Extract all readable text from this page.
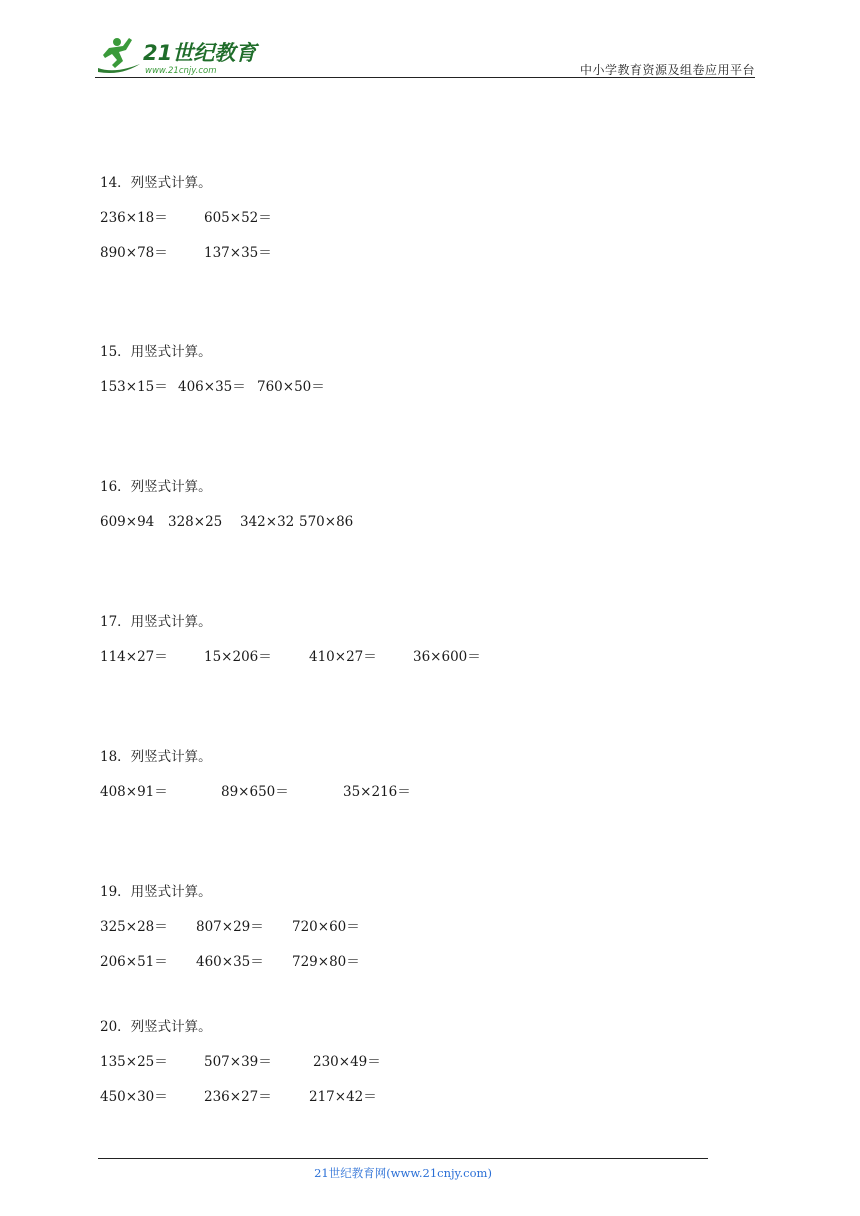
21世纪教育
www.21cnjy.com	中小学教育资源及组卷应用平台

14．列竖式计算。

236×18＝	605×52＝
890×78＝	137×35＝

15．用竖式计算。

153×15＝ 406×35＝ 760×50＝

16．列竖式计算。

609×94 328×25 342×32 570×86

17．用竖式计算。

114×27＝	15×206＝	410×27＝	36×600＝

18．列竖式计算。

408×91＝	89×650＝	35×216＝

19．用竖式计算。

325×28＝ 807×29＝ 720×60＝
206×51＝ 460×35＝ 729×80＝

20．列竖式计算。

135×25＝	507×39＝	230×49＝
450×30＝	236×27＝	217×42＝
21世纪教育网(www.21cnjy.com)
